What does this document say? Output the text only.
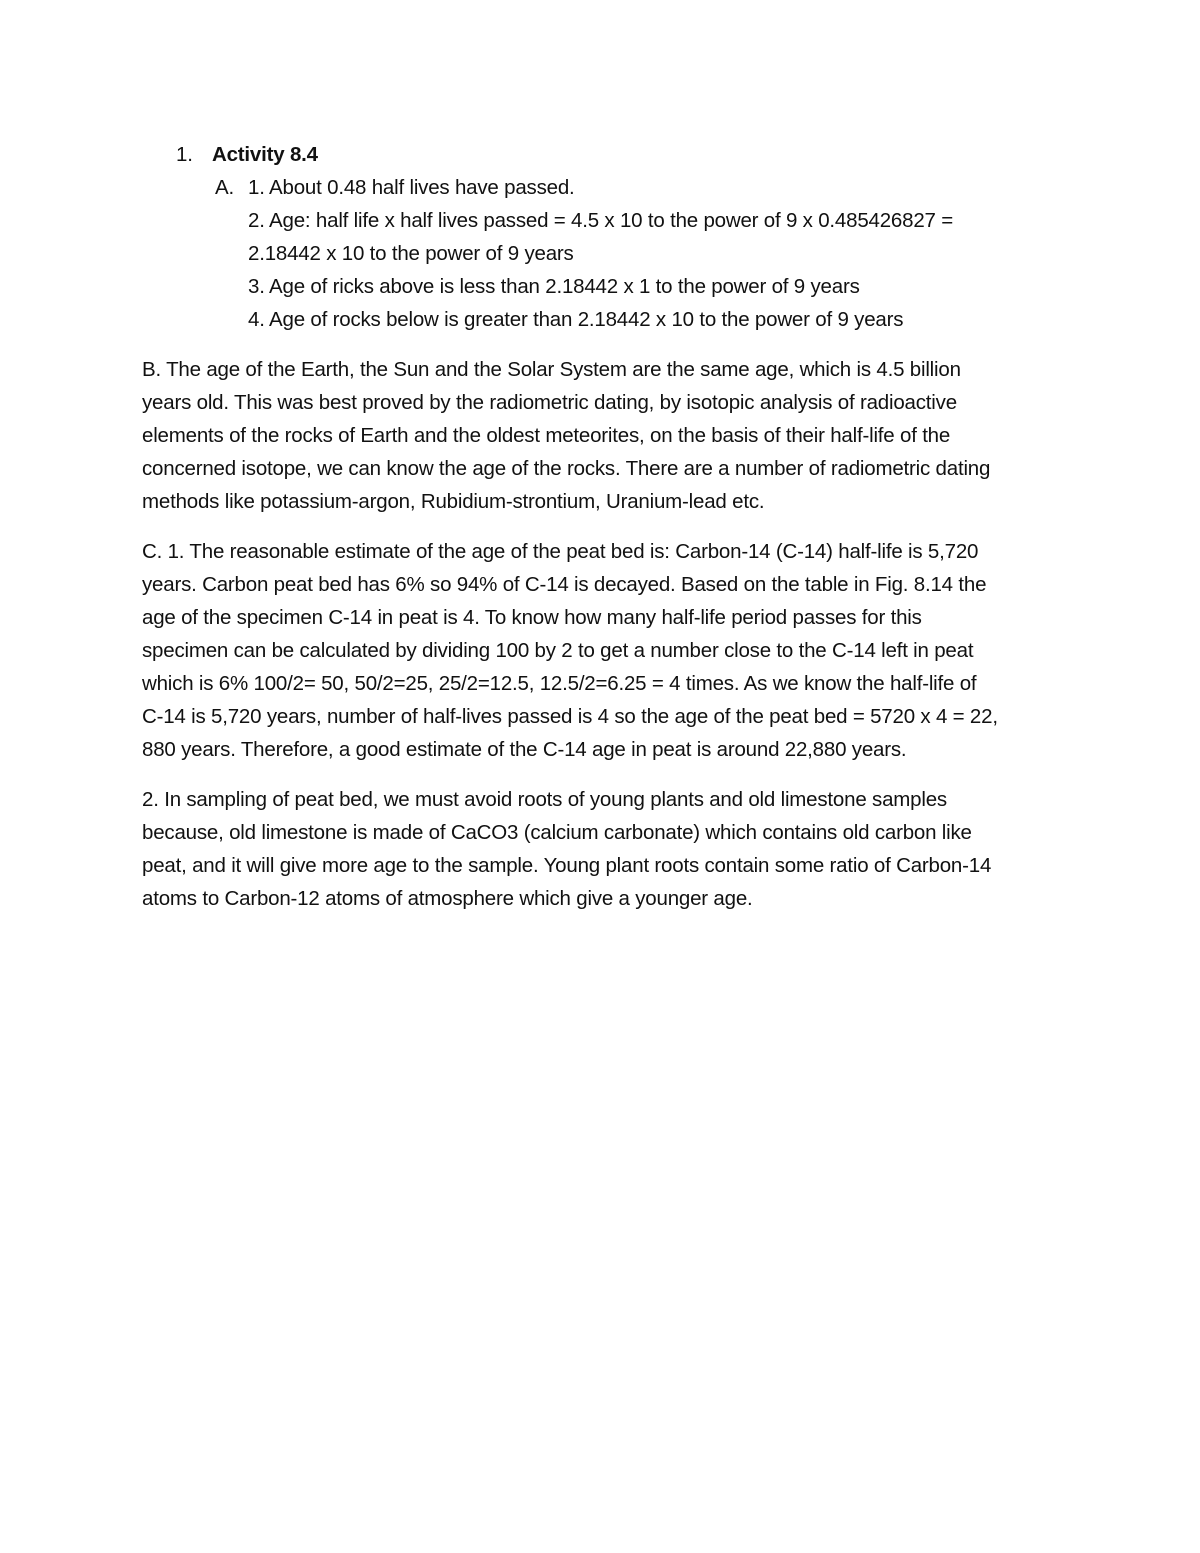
1. Activity 8.4
A. 1. About 0.48 half lives have passed.
2. Age: half life x half lives passed = 4.5 x 10 to the power of 9 x 0.485426827 =
2.18442 x 10 to the power of 9 years
3. Age of ricks above is less than 2.18442 x 1 to the power of 9 years
4. Age of rocks below is greater than 2.18442 x 10 to the power of 9 years
B. The age of the Earth, the Sun and the Solar System are the same age, which is 4.5 billion
years old. This was best proved by the radiometric dating, by isotopic analysis of radioactive
elements of the rocks of Earth and the oldest meteorites, on the basis of their half-life of the
concerned isotope, we can know the age of the rocks. There are a number of radiometric dating
methods like potassium-argon, Rubidium-strontium, Uranium-lead etc.
C. 1. The reasonable estimate of the age of the peat bed is: Carbon-14 (C-14) half-life is 5,720
years. Carbon peat bed has 6% so 94% of C-14 is decayed. Based on the table in Fig. 8.14 the
age of the specimen C-14 in peat is 4. To know how many half-life period passes for this
specimen can be calculated by dividing 100 by 2 to get a number close to the C-14 left in peat
which is 6% 100/2= 50, 50/2=25, 25/2=12.5, 12.5/2=6.25 = 4 times. As we know the half-life of
C-14 is 5,720 years, number of half-lives passed is 4 so the age of the peat bed = 5720 x 4 = 22,
880 years. Therefore, a good estimate of the C-14 age in peat is around 22,880 years.
2. In sampling of peat bed, we must avoid roots of young plants and old limestone samples
because, old limestone is made of CaCO3 (calcium carbonate) which contains old carbon like
peat, and it will give more age to the sample. Young plant roots contain some ratio of Carbon-14
atoms to Carbon-12 atoms of atmosphere which give a younger age.
